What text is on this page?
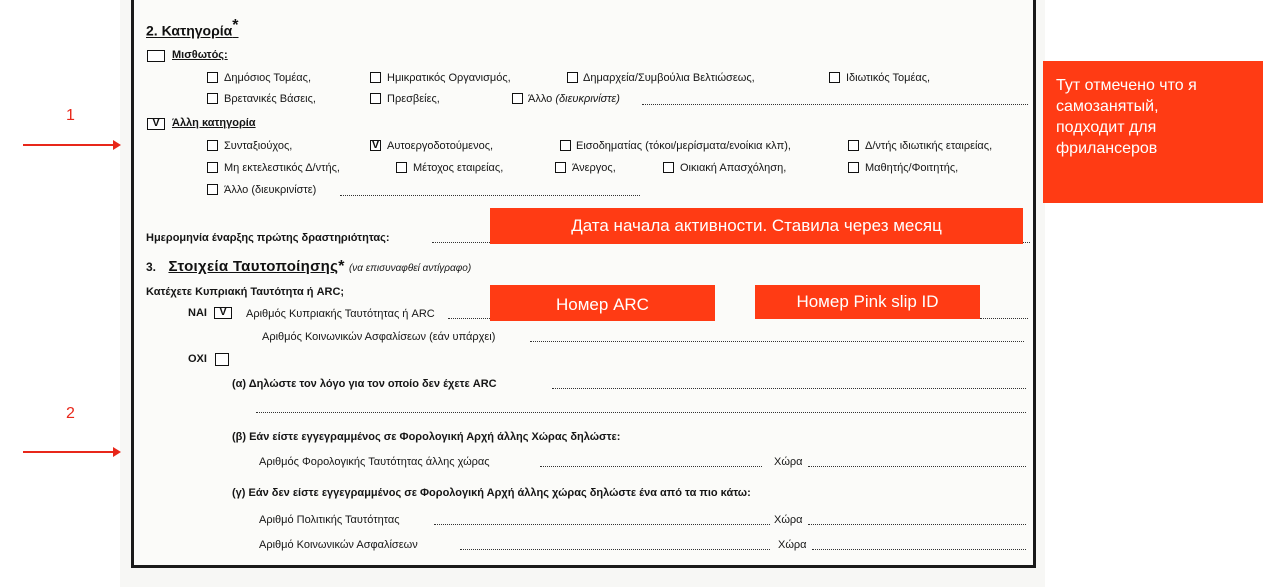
2. Κατηγορία*
Μισθωτός:
Δημόσιος Τομέας,	Ημικρατικός Οργανισμός,	Δημαρχεία/Συμβούλια Βελτιώσεως,	Ιδιωτικός Τομέας,
Βρετανικές Βάσεις,	Πρεσβείες,	Άλλο (διευκρινίστε)
V	Άλλη κατηγορία
Συνταξιούχος,	V Αυτοεργοδοτούμενος,	Εισοδηματίας (τόκοι/μερίσματα/ενοίκια κλπ),	Δ/ντής ιδιωτικής εταιρείας,
Μη εκτελεστικός Δ/ντής,	Μέτοχος εταιρείας,	Άνεργος,	Οικιακή Απασχόληση,	Μαθητής/Φοιτητής,
Άλλο (διευκρινίστε)
Ημερομηνία έναρξης πρώτης δραστηριότητας:
3. Στοιχεία Ταυτοποίησης* (να επισυναφθεί αντίγραφο)
Κατέχετε Κυπριακή Ταυτότητα ή ARC;
ΝΑΙ	V	Αριθμός Κυπριακής Ταυτότητας ή ARC
Αριθμός Κοινωνικών Ασφαλίσεων (εάν υπάρχει)
ΟΧΙ
(α) Δηλώστε τον λόγο για τον οποίο δεν έχετε ARC
(β) Εάν είστε εγγεγραμμένος σε Φορολογική Αρχή άλλης Χώρας δηλώστε:
Αριθμός Φορολογικής Ταυτότητας άλλης χώρας	Χώρα
(γ) Εάν δεν είστε εγγεγραμμένος σε Φορολογική Αρχή άλλης χώρας δηλώστε ένα από τα πιο κάτω:
Αριθμό Πολιτικής Ταυτότητας	Χώρα
Αριθμό Κοινωνικών Ασφαλίσεων	Χώρα
Тут отмечено что я
самозанятый,
подходит для
фрилансеров
Дата начала активности. Ставила через месяц
Номер ARC	Номер Pink slip ID
1
2
